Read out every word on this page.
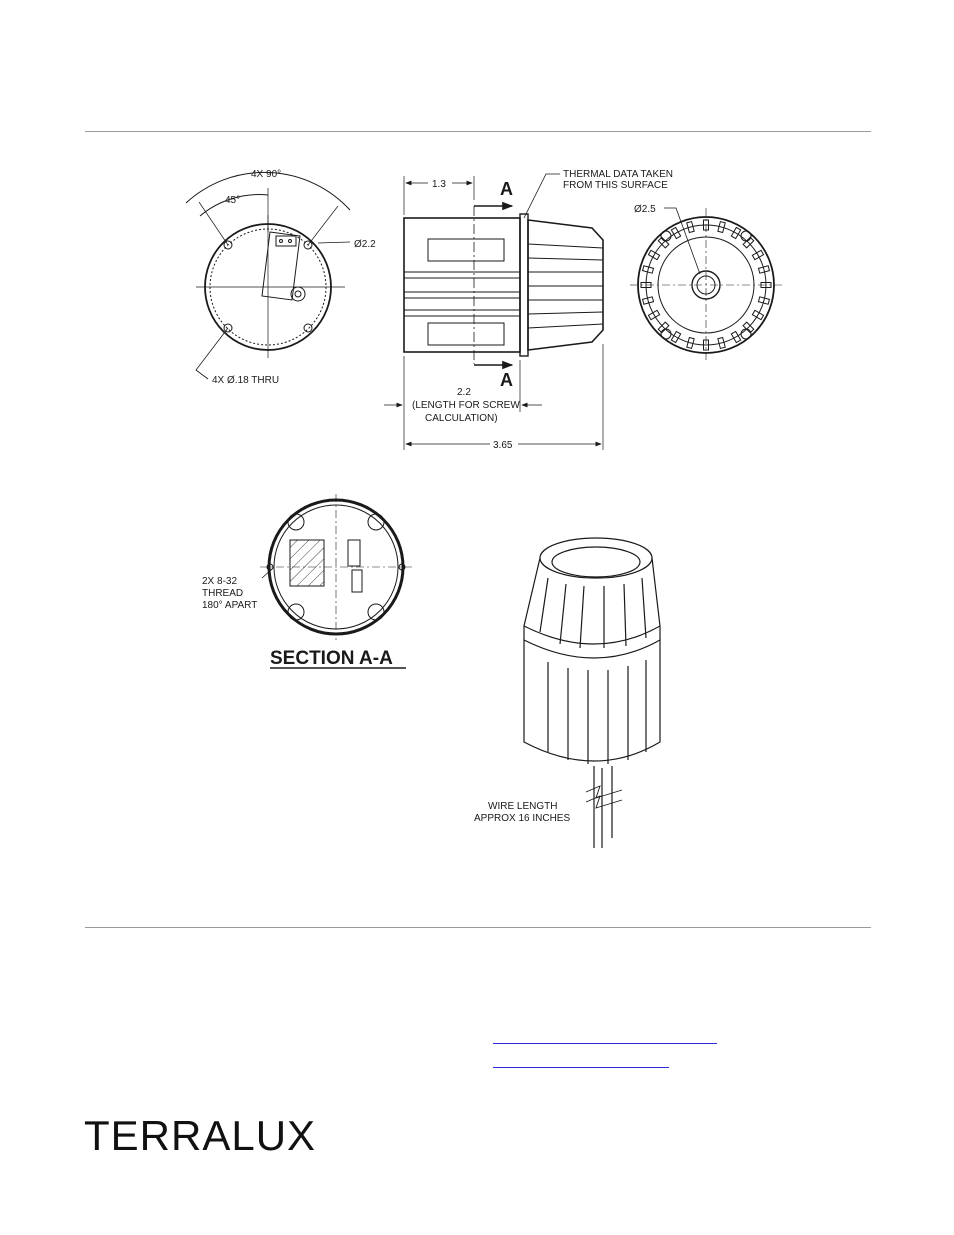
4X 90°
45°
Ø2.2
4X Ø.18 THRU
1.3	A
A
THERMAL DATA TAKEN
FROM THIS SURFACE
2.2
(LENGTH FOR SCREW
CALCULATION)
3.65
Ø2.5
2X 8-32
THREAD
180° APART
SECTION A-A
WIRE LENGTH
APPROX 16 INCHES
TERRALUX
